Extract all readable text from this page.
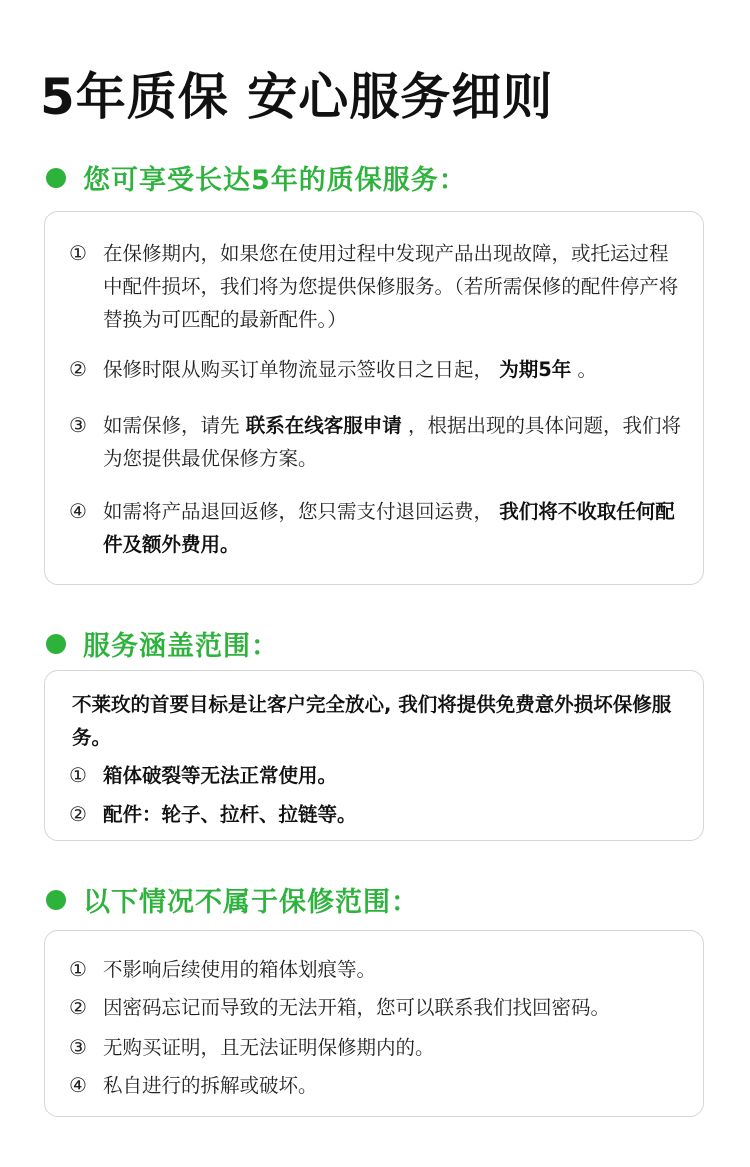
5年质保 安心服务细则
您可享受长达5年的质保服务：
① 在保修期内，如果您在使用过程中发现产品出现故障，或托运过程中配件损坏，我们将为您提供保修服务。（若所需保修的配件停产将替换为可匹配的最新配件。）
② 保修时限从购买订单物流显示签收日之日起， 为期5年 。
③ 如需保修，请先 联系在线客服申请 ，根据出现的具体问题，我们将为您提供最优保修方案。
④ 如需将产品退回返修，您只需支付退回运费， 我们将不收取任何配件及额外费用。
服务涵盖范围：
不莱玫的首要目标是让客户完全放心, 我们将提供免费意外损坏保修服务。
① 箱体破裂等无法正常使用。
② 配件：轮子、拉杆、拉链等。
以下情况不属于保修范围：
① 不影响后续使用的箱体划痕等。
② 因密码忘记而导致的无法开箱，您可以联系我们找回密码。
③ 无购买证明，且无法证明保修期内的。
④ 私自进行的拆解或破坏。
